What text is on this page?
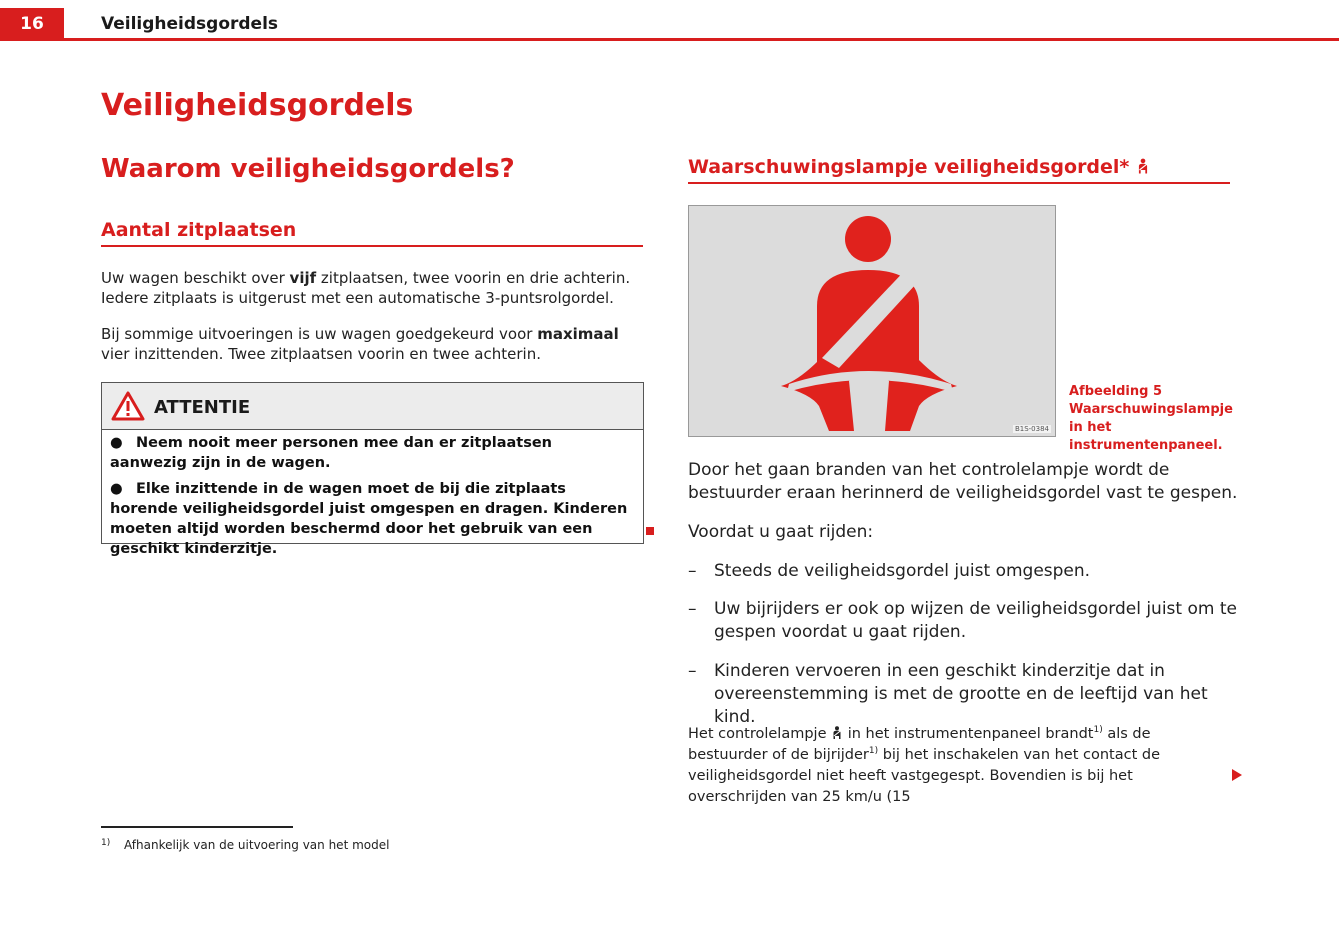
16	Veiligheidsgordels
Veiligheidsgordels
Waarom veiligheidsgordels?
Aantal zitplaatsen
Uw wagen beschikt over vijf zitplaatsen, twee voorin en drie achterin. Iedere zitplaats is uitgerust met een automatische 3-puntsrolgordel.
Bij sommige uitvoeringen is uw wagen goedgekeurd voor maximaal vier inzittenden. Twee zitplaatsen voorin en twee achterin.
ATTENTIE
● Neem nooit meer personen mee dan er zitplaatsen aanwezig zijn in de wagen.
● Elke inzittende in de wagen moet de bij die zitplaats horende veiligheidsgordel juist omgespen en dragen. Kinderen moeten altijd worden beschermd door het gebruik van een geschikt kinderzitje.
Waarschuwingslampje veiligheidsgordel*
B1S-0384
Afbeelding 5 Waarschuwingslampje in het instrumentenpaneel.
Door het gaan branden van het controlelampje wordt de bestuurder eraan herinnerd de veiligheidsgordel vast te gespen.
Voordat u gaat rijden:
– Steeds de veiligheidsgordel juist omgespen.
– Uw bijrijders er ook op wijzen de veiligheidsgordel juist om te gespen voordat u gaat rijden.
– Kinderen vervoeren in een geschikt kinderzitje dat in overeenstemming is met de grootte en de leeftijd van het kind.
Het controlelampje  in het instrumentenpaneel brandt$^{1)}$ als de bestuurder of de bijrijder$^{1)}$ bij het inschakelen van het contact de veiligheidsgordel niet heeft vastgegespt. Bovendien is bij het overschrijden van 25 km/u (15
1) Afhankelijk van de uitvoering van het model
